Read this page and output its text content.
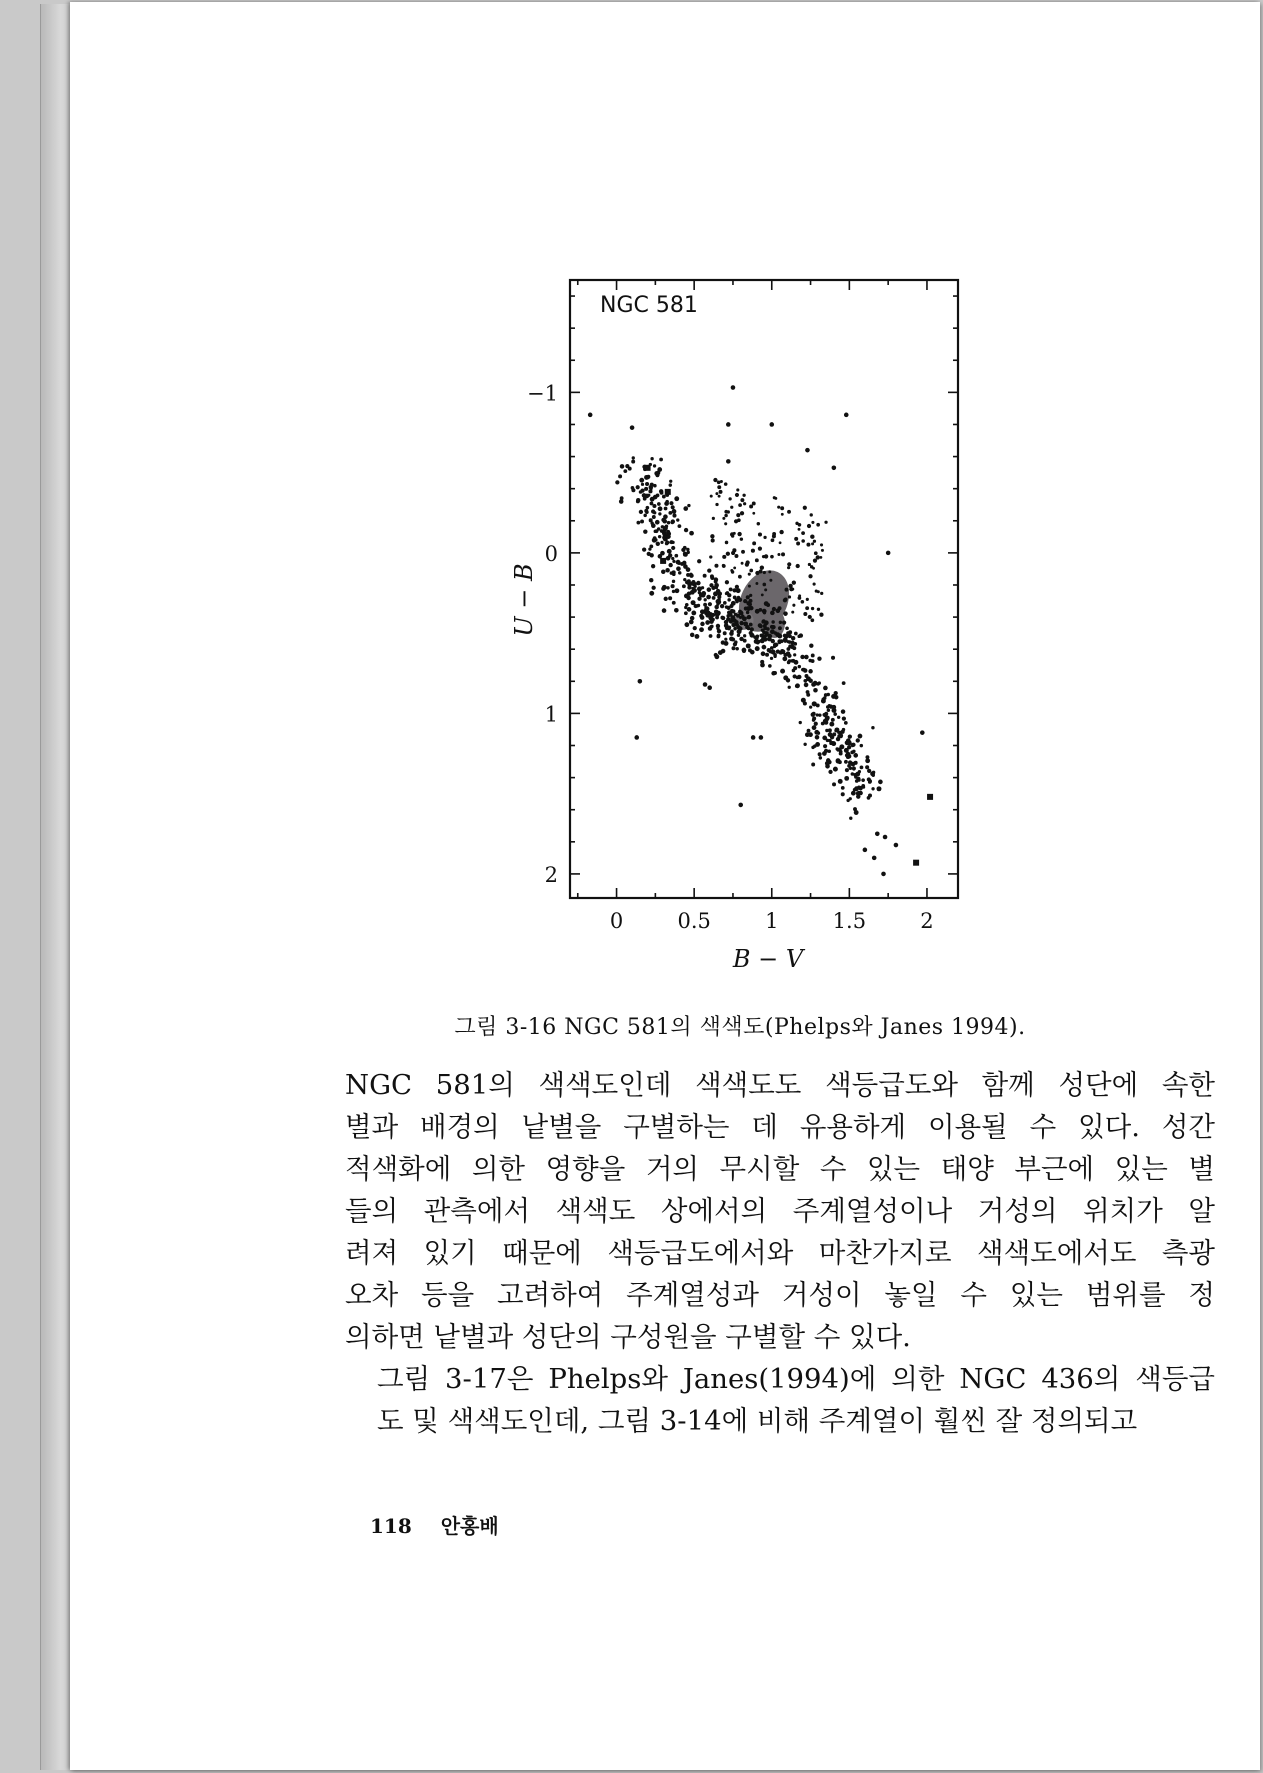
0	0.5	1	1.5	2
−1
0
1
2
NGC 581
B − V
U − B
그림 3-16 NGC 581의 색색도(Phelps와 Janes 1994).

NGC 581의 색색도인데 색색도도 색등급도와 함께 성단에 속한

별과 배경의 낱별을 구별하는 데 유용하게 이용될 수 있다. 성간

적색화에 의한 영향을 거의 무시할 수 있는 태양 부근에 있는 별

들의 관측에서 색색도 상에서의 주계열성이나 거성의 위치가 알

려져 있기 때문에 색등급도에서와 마찬가지로 색색도에서도 측광

오차 등을 고려하여 주계열성과 거성이 놓일 수 있는 범위를 정

의하면 낱별과 성단의 구성원을 구별할 수 있다.

그림 3-17은 Phelps와 Janes(1994)에 의한 NGC 436의 색등급

도 및 색색도인데, 그림 3-14에 비해 주계열이 훨씬 잘 정의되고

118 안홍배
